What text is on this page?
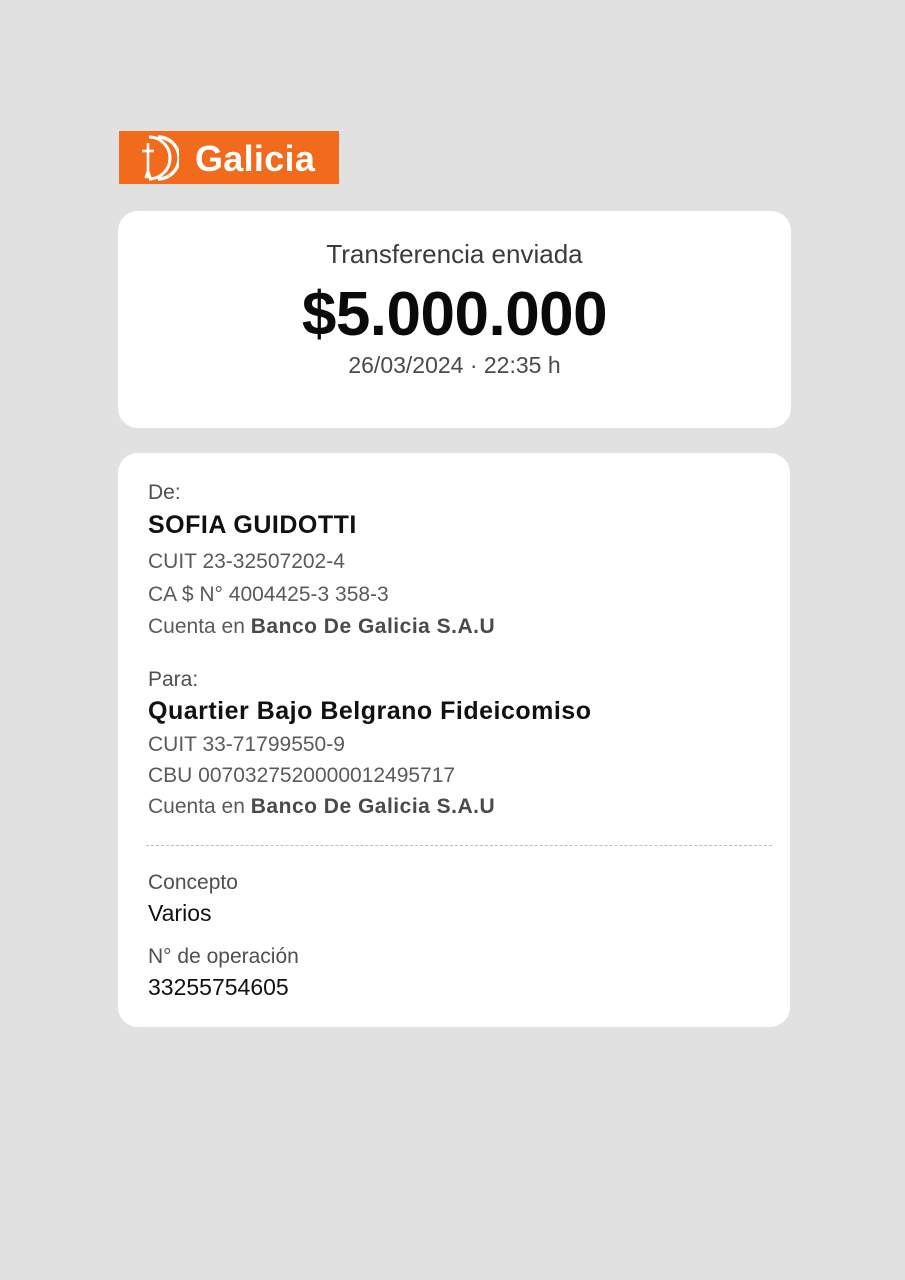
Galicia
Transferencia enviada
$5.000.000
26/03/2024 · 22:35 h
De:
SOFIA GUIDOTTI
CUIT 23-32507202-4
CA $ N° 4004425-3 358-3
Cuenta en Banco De Galicia S.A.U
Para:
Quartier Bajo Belgrano Fideicomiso
CUIT 33-71799550-9
CBU 0070327520000012495717
Cuenta en Banco De Galicia S.A.U
Concepto
Varios
N° de operación
33255754605
